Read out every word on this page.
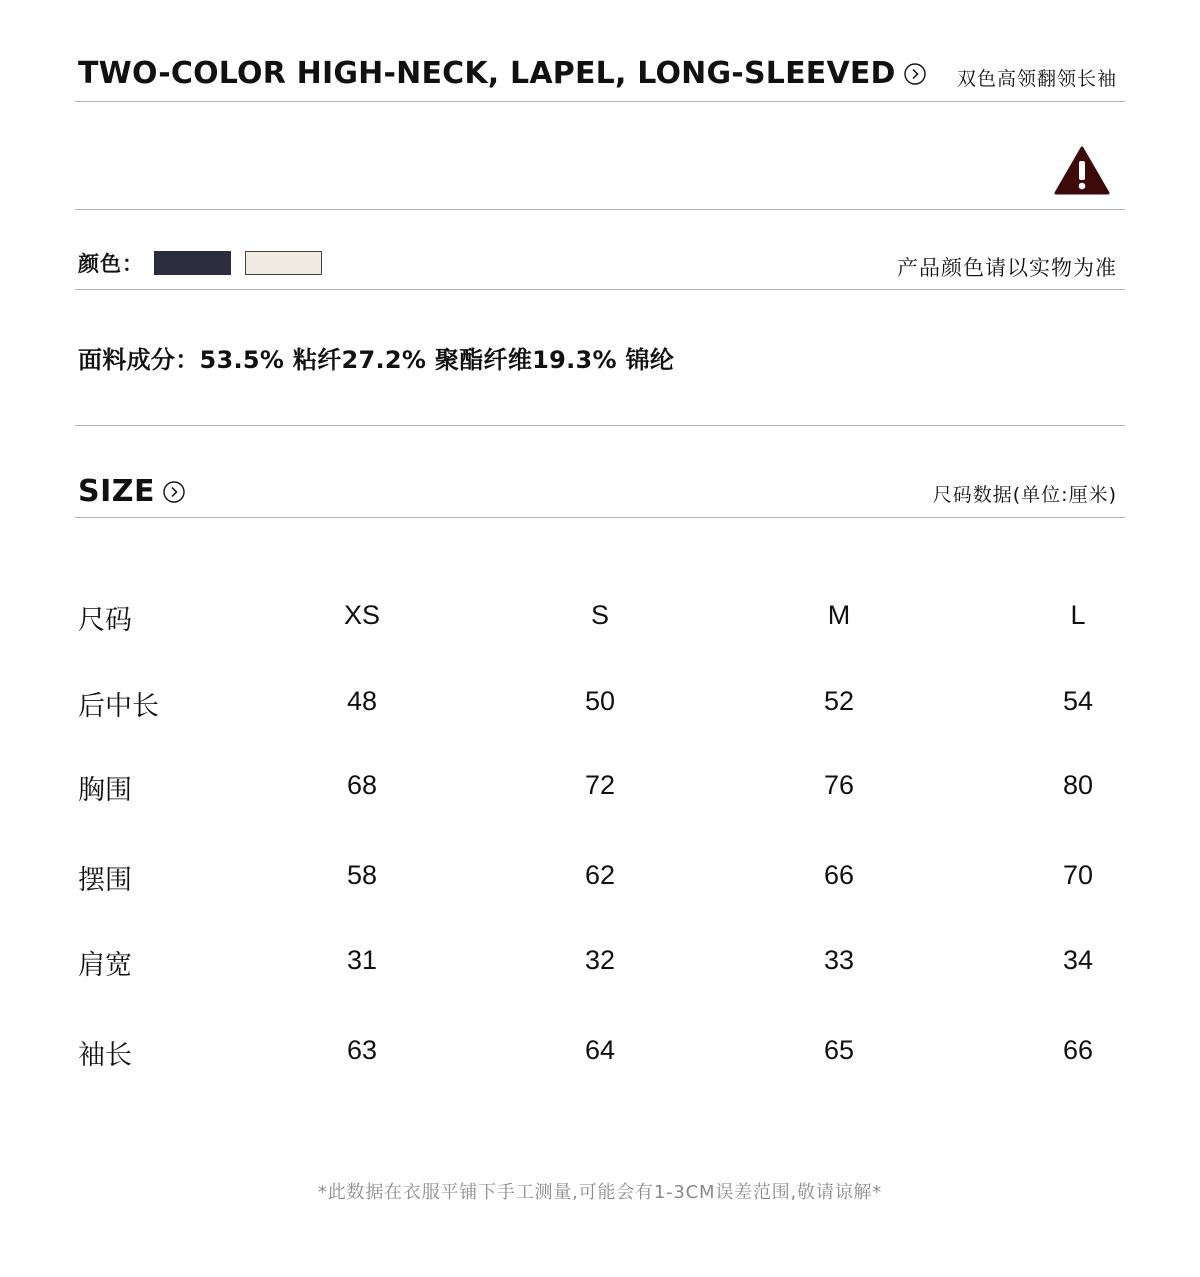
TWO-COLOR HIGH-NECK, LAPEL, LONG-SLEEVED	双色高领翻领长袖
颜色：	产品颜色请以实物为准
面料成分：53.5% 粘纤27.2% 聚酯纤维19.3% 锦纶
SIZE	尺码数据(单位:厘米)
尺码	XS	S	M	L
后中长	48	50	52	54
胸围	68	72	76	80
摆围	58	62	66	70
肩宽	31	32	33	34
袖长	63	64	65	66
*此数据在衣服平铺下手工测量,可能会有1-3CM误差范围,敬请谅解*
